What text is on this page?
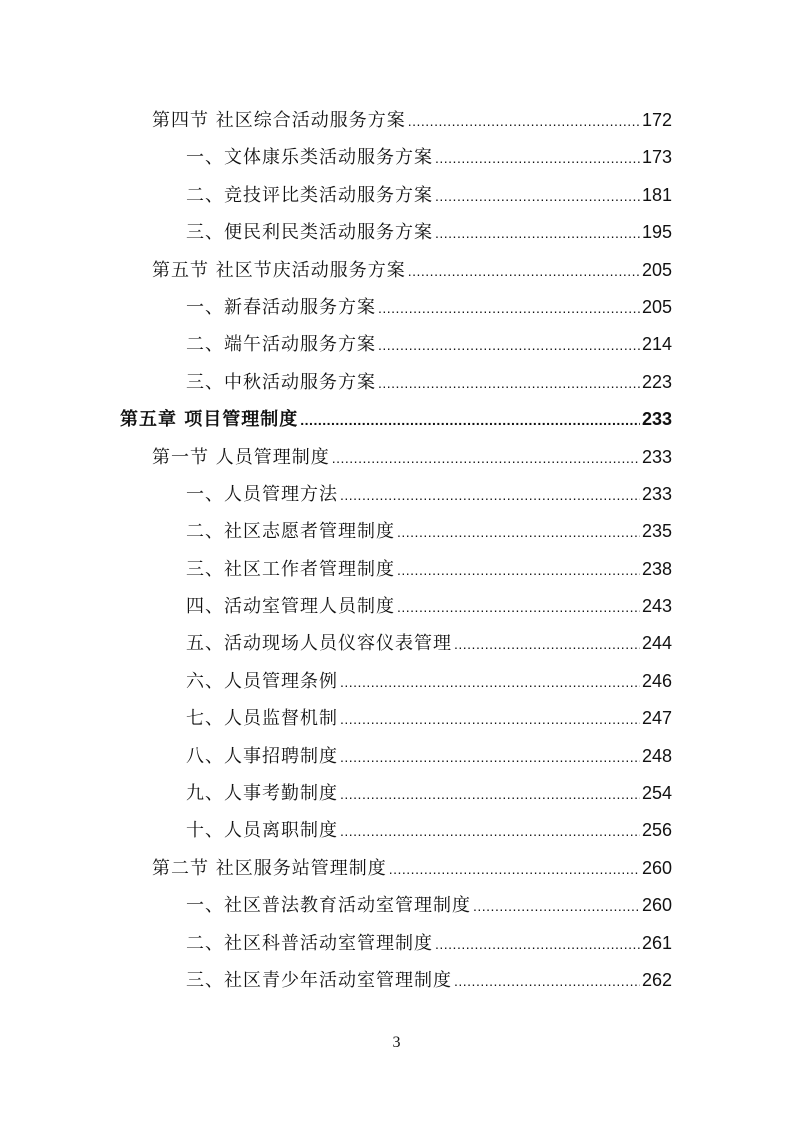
第四节 社区综合活动服务方案 .....	172
一、文体康乐类活动服务方案 .....	173
二、竞技评比类活动服务方案 .....	181
三、便民利民类活动服务方案 .....	195
第五节 社区节庆活动服务方案 .....	205
一、新春活动服务方案 .....	205
二、端午活动服务方案 .....	214
三、中秋活动服务方案 .....	223
第五章 项目管理制度 .....	233
第一节 人员管理制度 .....	233
一、人员管理方法 .....	233
二、社区志愿者管理制度 .....	235
三、社区工作者管理制度 .....	238
四、活动室管理人员制度 .....	243
五、活动现场人员仪容仪表管理 .....	244
六、人员管理条例 .....	246
七、人员监督机制 .....	247
八、人事招聘制度 .....	248
九、人事考勤制度 .....	254
十、人员离职制度 .....	256
第二节 社区服务站管理制度 .....	260
一、社区普法教育活动室管理制度 .....	260
二、社区科普活动室管理制度 .....	261
三、社区青少年活动室管理制度 .....	262
3
